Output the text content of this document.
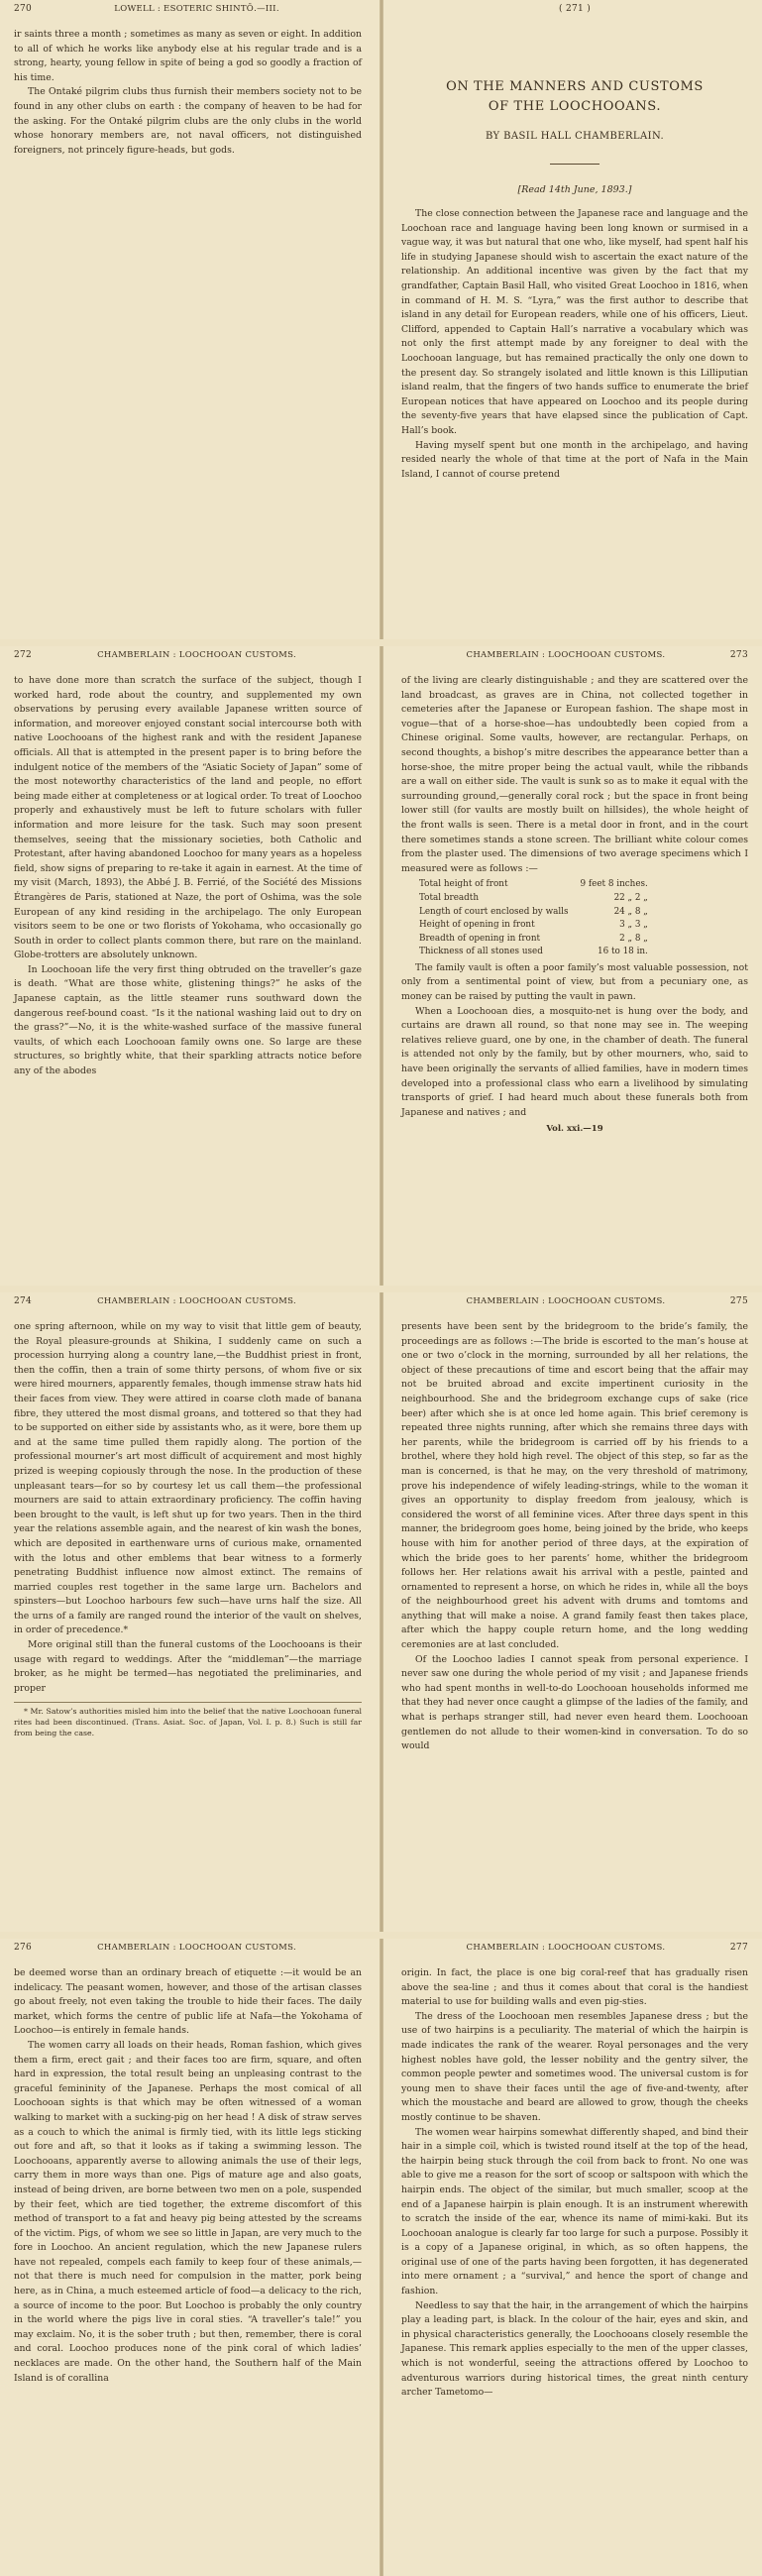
270	LOWELL : ESOTERIC SHINTŌ.—III.

ir saints three a month ; sometimes as many as seven or eight. In addition to all of which he works like anybody else at his regular trade and is a strong, hearty, young fellow in spite of being a god so goodly a fraction of his time.

The Ontaké pilgrim clubs thus furnish their members society not to be found in any other clubs on earth : the company of heaven to be had for the asking. For the Ontaké pilgrim clubs are the only clubs in the world whose honorary members are, not naval officers, not distinguished foreigners, not princely figure-heads, but gods.

( 271 )
ON THE MANNERS AND CUSTOMS
OF THE LOOCHOOANS.
BY BASIL HALL CHAMBERLAIN.
[Read 14th June, 1893.]

The close connection between the Japanese race and language and the Loochoan race and language having been long known or surmised in a vague way, it was but natural that one who, like myself, had spent half his life in studying Japanese should wish to ascertain the exact nature of the relationship. An additional incentive was given by the fact that my grandfather, Captain Basil Hall, who visited Great Loochoo in 1816, when in command of H. M. S. “Lyra,” was the first author to describe that island in any detail for European readers, while one of his officers, Lieut. Clifford, appended to Captain Hall’s narrative a vocabulary which was not only the first attempt made by any foreigner to deal with the Loochooan language, but has remained practically the only one down to the present day. So strangely isolated and little known is this Lilliputian island realm, that the fingers of two hands suffice to enumerate the brief European notices that have appeared on Loochoo and its people during the seventy-five years that have elapsed since the publication of Capt. Hall’s book.

Having myself spent but one month in the archipelago, and having resided nearly the whole of that time at the port of Nafa in the Main Island, I cannot of course pretend

272	CHAMBERLAIN : LOOCHOOAN CUSTOMS.

to have done more than scratch the surface of the subject, though I worked hard, rode about the country, and supplemented my own observations by perusing every available Japanese written source of information, and moreover enjoyed constant social intercourse both with native Loochooans of the highest rank and with the resident Japanese officials. All that is attempted in the present paper is to bring before the indulgent notice of the members of the “Asiatic Society of Japan” some of the most noteworthy characteristics of the land and people, no effort being made either at completeness or at logical order. To treat of Loochoo properly and exhaustively must be left to future scholars with fuller information and more leisure for the task. Such may soon present themselves, seeing that the missionary societies, both Catholic and Protestant, after having abandoned Loochoo for many years as a hopeless field, show signs of preparing to re-take it again in earnest. At the time of my visit (March, 1893), the Abbé J. B. Ferrié, of the Société des Missions Étrangères de Paris, stationed at Naze, the port of Oshima, was the sole European of any kind residing in the archipelago. The only European visitors seem to be one or two florists of Yokohama, who occasionally go South in order to collect plants common there, but rare on the mainland. Globe-trotters are absolutely unknown.

In Loochooan life the very first thing obtruded on the traveller’s gaze is death. “What are those white, glistening things?” he asks of the Japanese captain, as the little steamer runs southward down the dangerous reef-bound coast. “Is it the national washing laid out to dry on the grass?”—No, it is the white-washed surface of the massive funeral vaults, of which each Loochooan family owns one. So large are these structures, so brightly white, that their sparkling attracts notice before any of the abodes

CHAMBERLAIN : LOOCHOOAN CUSTOMS.	273

of the living are clearly distinguishable ; and they are scattered over the land broadcast, as graves are in China, not collected together in cemeteries after the Japanese or European fashion. The shape most in vogue—that of a horse-shoe—has undoubtedly been copied from a Chinese original. Some vaults, however, are rectangular. Perhaps, on second thoughts, a bishop’s mitre describes the appearance better than a horse-shoe, the mitre proper being the actual vault, while the ribbands are a wall on either side. The vault is sunk so as to make it equal with the surrounding ground,—generally coral rock ; but the space in front being lower still (for vaults are mostly built on hillsides), the whole height of the front walls is seen. There is a metal door in front, and in the court there sometimes stands a stone screen. The brilliant white colour comes from the plaster used. The dimensions of two average specimens which I measured were as follows :—

Total height of front	9 feet 8 inches.
Total breadth	22 „ 2 „
Length of court enclosed by walls	24 „ 8 „
Height of opening in front	3 „ 3 „
Breadth of opening in front	2 „ 8 „
Thickness of all stones used	16 to 18 in.

The family vault is often a poor family’s most valuable possession, not only from a sentimental point of view, but from a pecuniary one, as money can be raised by putting the vault in pawn.

When a Loochooan dies, a mosquito-net is hung over the body, and curtains are drawn all round, so that none may see in. The weeping relatives relieve guard, one by one, in the chamber of death. The funeral is attended not only by the family, but by other mourners, who, said to have been originally the servants of allied families, have in modern times developed into a professional class who earn a livelihood by simulating transports of grief. I had heard much about these funerals both from Japanese and natives ; and

Vol. xxi.—19
274	CHAMBERLAIN : LOOCHOOAN CUSTOMS.

one spring afternoon, while on my way to visit that little gem of beauty, the Royal pleasure-grounds at Shikina, I suddenly came on such a procession hurrying along a country lane,—the Buddhist priest in front, then the coffin, then a train of some thirty persons, of whom five or six were hired mourners, apparently females, though immense straw hats hid their faces from view. They were attired in coarse cloth made of banana fibre, they uttered the most dismal groans, and tottered so that they had to be supported on either side by assistants who, as it were, bore them up and at the same time pulled them rapidly along. The portion of the professional mourner’s art most difficult of acquirement and most highly prized is weeping copiously through the nose. In the production of these unpleasant tears—for so by courtesy let us call them—the professional mourners are said to attain extraordinary proficiency. The coffin having been brought to the vault, is left shut up for two years. Then in the third year the relations assemble again, and the nearest of kin wash the bones, which are deposited in earthenware urns of curious make, ornamented with the lotus and other emblems that bear witness to a formerly penetrating Buddhist influence now almost extinct. The remains of married couples rest together in the same large urn. Bachelors and spinsters—but Loochoo harbours few such—have urns half the size. All the urns of a family are ranged round the interior of the vault on shelves, in order of precedence.*

More original still than the funeral customs of the Loochooans is their usage with regard to weddings. After the “middleman”—the marriage broker, as he might be termed—has negotiated the preliminaries, and proper

* Mr. Satow’s authorities misled him into the belief that the native Loochooan funeral rites had been discontinued. (Trans. Asiat. Soc. of Japan, Vol. I. p. 8.) Such is still far from being the case.
CHAMBERLAIN : LOOCHOOAN CUSTOMS.	275

presents have been sent by the bridegroom to the bride’s family, the proceedings are as follows :—The bride is escorted to the man’s house at one or two o’clock in the morning, surrounded by all her relations, the object of these precautions of time and escort being that the affair may not be bruited abroad and excite impertinent curiosity in the neighbourhood. She and the bridegroom exchange cups of sake (rice beer) after which she is at once led home again. This brief ceremony is repeated three nights running, after which she remains three days with her parents, while the bridegroom is carried off by his friends to a brothel, where they hold high revel. The object of this step, so far as the man is concerned, is that he may, on the very threshold of matrimony, prove his independence of wifely leading-strings, while to the woman it gives an opportunity to display freedom from jealousy, which is considered the worst of all feminine vices. After three days spent in this manner, the bridegroom goes home, being joined by the bride, who keeps house with him for another period of three days, at the expiration of which the bride goes to her parents’ home, whither the bridegroom follows her. Her relations await his arrival with a pestle, painted and ornamented to represent a horse, on which he rides in, while all the boys of the neighbourhood greet his advent with drums and tomtoms and anything that will make a noise. A grand family feast then takes place, after which the happy couple return home, and the long wedding ceremonies are at last concluded.

Of the Loochoo ladies I cannot speak from personal experience. I never saw one during the whole period of my visit ; and Japanese friends who had spent months in well-to-do Loochooan households informed me that they had never once caught a glimpse of the ladies of the family, and what is perhaps stranger still, had never even heard them. Loochooan gentlemen do not allude to their women-kind in conversation. To do so would

276	CHAMBERLAIN : LOOCHOOAN CUSTOMS.

be deemed worse than an ordinary breach of etiquette :—it would be an indelicacy. The peasant women, however, and those of the artisan classes go about freely, not even taking the trouble to hide their faces. The daily market, which forms the centre of public life at Nafa—the Yokohama of Loochoo—is entirely in female hands.

The women carry all loads on their heads, Roman fashion, which gives them a firm, erect gait ; and their faces too are firm, square, and often hard in expression, the total result being an unpleasing contrast to the graceful femininity of the Japanese. Perhaps the most comical of all Loochooan sights is that which may be often witnessed of a woman walking to market with a sucking-pig on her head ! A disk of straw serves as a couch to which the animal is firmly tied, with its little legs sticking out fore and aft, so that it looks as if taking a swimming lesson. The Loochooans, apparently averse to allowing animals the use of their legs, carry them in more ways than one. Pigs of mature age and also goats, instead of being driven, are borne between two men on a pole, suspended by their feet, which are tied together, the extreme discomfort of this method of transport to a fat and heavy pig being attested by the screams of the victim. Pigs, of whom we see so little in Japan, are very much to the fore in Loochoo. An ancient regulation, which the new Japanese rulers have not repealed, compels each family to keep four of these animals,—not that there is much need for compulsion in the matter, pork being here, as in China, a much esteemed article of food—a delicacy to the rich, a source of income to the poor. But Loochoo is probably the only country in the world where the pigs live in coral sties. “A traveller’s tale!” you may exclaim. No, it is the sober truth ; but then, remember, there is coral and coral. Loochoo produces none of the pink coral of which ladies’ necklaces are made. On the other hand, the Southern half of the Main Island is of corallina

CHAMBERLAIN : LOOCHOOAN CUSTOMS.	277

origin. In fact, the place is one big coral-reef that has gradually risen above the sea-line ; and thus it comes about that coral is the handiest material to use for building walls and even pig-sties.

The dress of the Loochooan men resembles Japanese dress ; but the use of two hairpins is a peculiarity. The material of which the hairpin is made indicates the rank of the wearer. Royal personages and the very highest nobles have gold, the lesser nobility and the gentry silver, the common people pewter and sometimes wood. The universal custom is for young men to shave their faces until the age of five-and-twenty, after which the moustache and beard are allowed to grow, though the cheeks mostly continue to be shaven.

The women wear hairpins somewhat differently shaped, and bind their hair in a simple coil, which is twisted round itself at the top of the head, the hairpin being stuck through the coil from back to front. No one was able to give me a reason for the sort of scoop or saltspoon with which the hairpin ends. The object of the similar, but much smaller, scoop at the end of a Japanese hairpin is plain enough. It is an instrument wherewith to scratch the inside of the ear, whence its name of mimi-kaki. But its Loochooan analogue is clearly far too large for such a purpose. Possibly it is a copy of a Japanese original, in which, as so often happens, the original use of one of the parts having been forgotten, it has degenerated into mere ornament ; a “survival,” and hence the sport of change and fashion.

Needless to say that the hair, in the arrangement of which the hairpins play a leading part, is black. In the colour of the hair, eyes and skin, and in physical characteristics generally, the Loochooans closely resemble the Japanese. This remark applies especially to the men of the upper classes, which is not wonderful, seeing the attractions offered by Loochoo to adventurous warriors during historical times, the great ninth century archer Tametomo—
